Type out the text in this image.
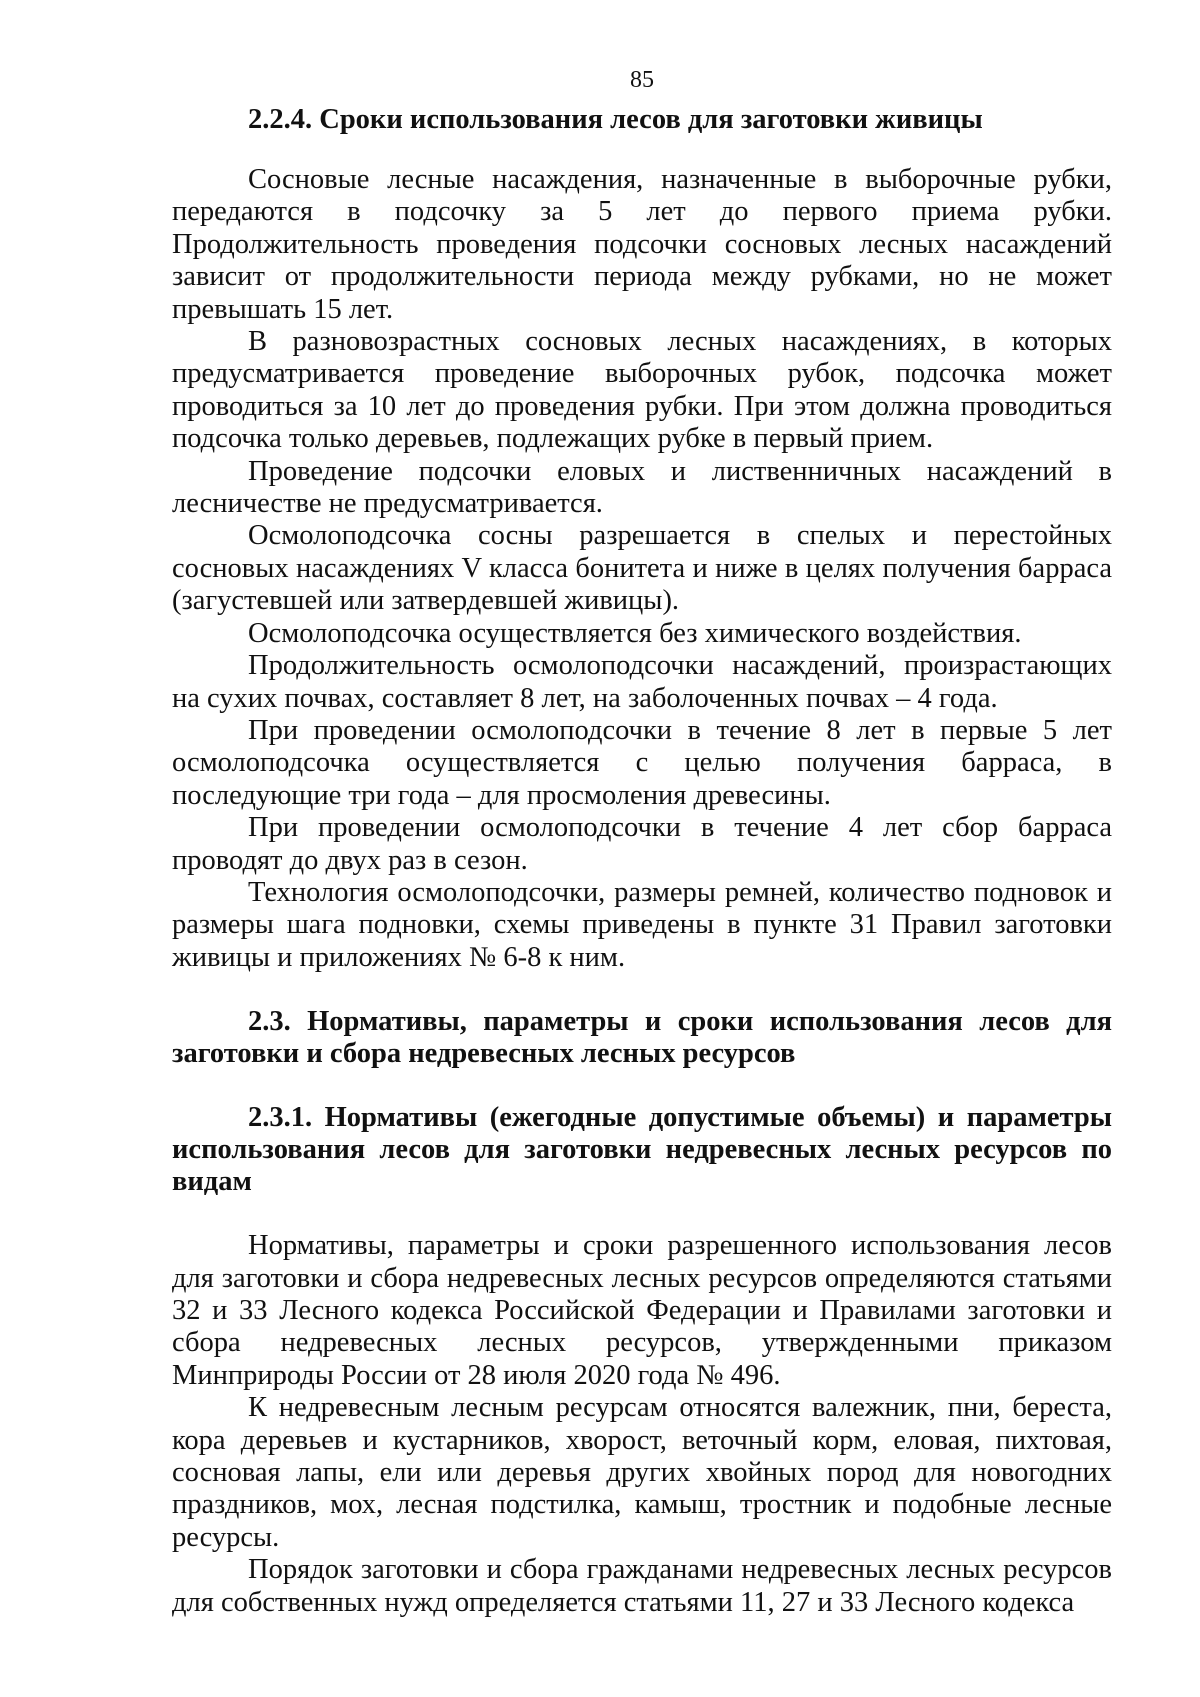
85

2.2.4. Сроки использования лесов для заготовки живицы

Сосновые лесные насаждения, назначенные в выборочные рубки, передаются в подсочку за 5 лет до первого приема рубки. Продолжительность проведения подсочки сосновых лесных насаждений зависит от продолжительности периода между рубками, но не может превышать 15 лет.

В разновозрастных сосновых лесных насаждениях, в которых предусматривается проведение выборочных рубок, подсочка может проводиться за 10 лет до проведения рубки. При этом должна проводиться подсочка только деревьев, подлежащих рубке в первый прием.

Проведение подсочки еловых и лиственничных насаждений в лесничестве не предусматривается.

Осмолоподсочка сосны разрешается в спелых и перестойных сосновых насаждениях V класса бонитета и ниже в целях получения барраса (загустевшей или затвердевшей живицы).

Осмолоподсочка осуществляется без химического воздействия.

Продолжительность осмолоподсочки насаждений, произрастающих на сухих почвах, составляет 8 лет, на заболоченных почвах – 4 года.

При проведении осмолоподсочки в течение 8 лет в первые 5 лет осмолоподсочка осуществляется с целью получения барраса, в последующие три года – для просмоления древесины.

При проведении осмолоподсочки в течение 4 лет сбор барраса проводят до двух раз в сезон.

Технология осмолоподсочки, размеры ремней, количество подновок и размеры шага подновки, схемы приведены в пункте 31 Правил заготовки живицы и приложениях № 6-8 к ним.

2.3. Нормативы, параметры и сроки использования лесов для заготовки и сбора недревесных лесных ресурсов

2.3.1. Нормативы (ежегодные допустимые объемы) и параметры использования лесов для заготовки недревесных лесных ресурсов по видам

Нормативы, параметры и сроки разрешенного использования лесов для заготовки и сбора недревесных лесных ресурсов определяются статьями 32 и 33 Лесного кодекса Российской Федерации и Правилами заготовки и сбора недревесных лесных ресурсов, утвержденными приказом Минприроды России от 28 июля 2020 года № 496.

К недревесным лесным ресурсам относятся валежник, пни, береста, кора деревьев и кустарников, хворост, веточный корм, еловая, пихтовая, сосновая лапы, ели или деревья других хвойных пород для новогодних праздников, мох, лесная подстилка, камыш, тростник и подобные лесные ресурсы.

Порядок заготовки и сбора гражданами недревесных лесных ресурсов для собственных нужд определяется статьями 11, 27 и 33 Лесного кодекса
